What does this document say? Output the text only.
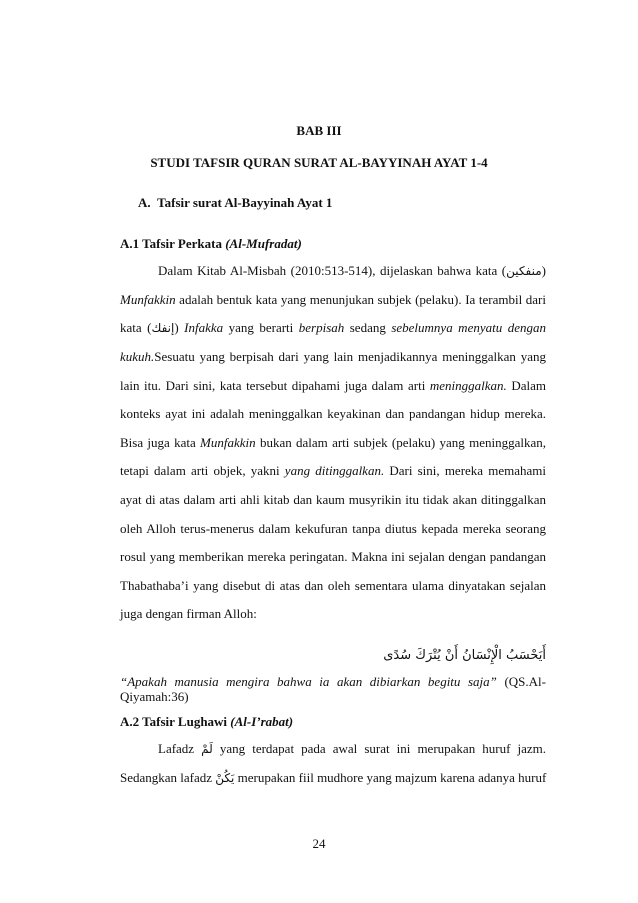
BAB III

STUDI TAFSIR QURAN SURAT AL-BAYYINAH AYAT 1-4

A. Tafsir surat Al-Bayyinah Ayat 1

A.1 Tafsir Perkata (Al-Mufradat)

Dalam Kitab Al-Misbah (2010:513-514), dijelaskan bahwa kata (منفكين)
Munfakkin adalah bentuk kata yang menunjukan subjek (pelaku). Ia terambil dari
kata (إنفك) Infakka yang berarti berpisah sedang sebelumnya menyatu dengan
kukuh.Sesuatu yang berpisah dari yang lain menjadikannya meninggalkan yang
lain itu. Dari sini, kata tersebut dipahami juga dalam arti meninggalkan. Dalam
konteks ayat ini adalah meninggalkan keyakinan dan pandangan hidup mereka.
Bisa juga kata Munfakkin bukan dalam arti subjek (pelaku) yang meninggalkan,
tetapi dalam arti objek, yakni yang ditinggalkan. Dari sini, mereka memahami
ayat di atas dalam arti ahli kitab dan kaum musyrikin itu tidak akan ditinggalkan
oleh Alloh terus-menerus dalam kekufuran tanpa diutus kepada mereka seorang
rosul yang memberikan mereka peringatan. Makna ini sejalan dengan pandangan
Thabathaba’i yang disebut di atas dan oleh sementara ulama dinyatakan sejalan
juga dengan firman Alloh:

أَيَحْسَبُ الْإِنْسَانُ أَنْ يُتْرَكَ سُدًى

“Apakah manusia mengira bahwa ia akan dibiarkan begitu saja” (QS.Al-
Qiyamah:36)

A.2 Tafsir Lughawi (Al-I’rabat)

Lafadz لَمْ yang terdapat pada awal surat ini merupakan huruf jazm.
Sedangkan lafadz يَكُنْ merupakan fiil mudhore yang majzum karena adanya huruf

24
